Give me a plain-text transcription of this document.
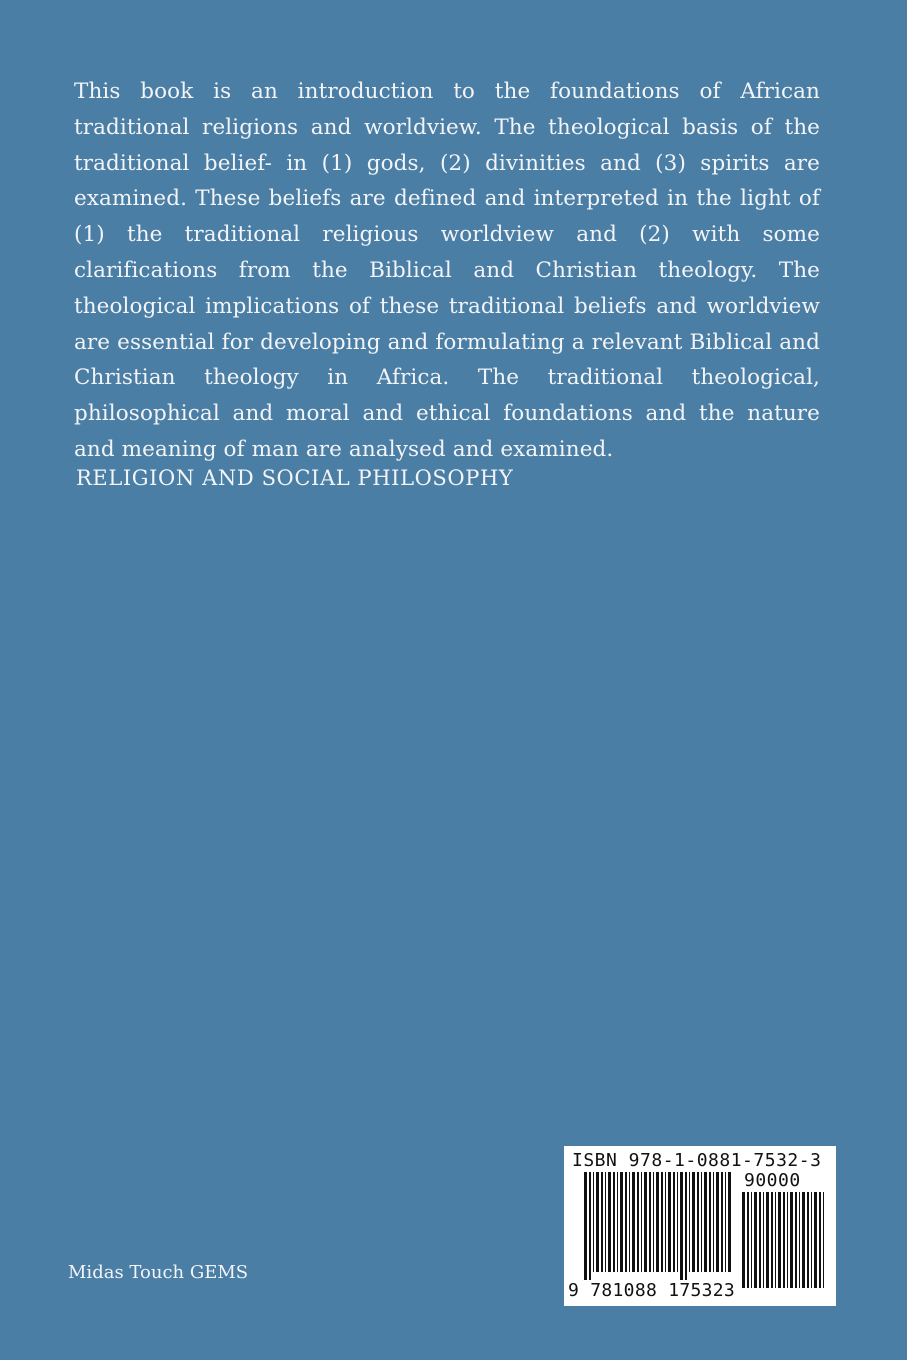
This book is an introduction to the foundations of African traditional religions and worldview. The theological basis of the traditional belief- in (1) gods, (2) divinities and (3) spirits are examined. These beliefs are defined and interpreted in the light of (1) the traditional religious worldview and (2) with some clarifications from the Biblical and Christian theology. The theological implications of these traditional beliefs and worldview are essential for developing and formulating a relevant Biblical and Christian theology in Africa. The traditional theological, philosophical and moral and ethical foundations and the nature and meaning of man are analysed and examined.

RELIGION AND SOCIAL PHILOSOPHY

Midas Touch GEMS

ISBN 978-1-0881-7532-3
90000
9 781088 175323
